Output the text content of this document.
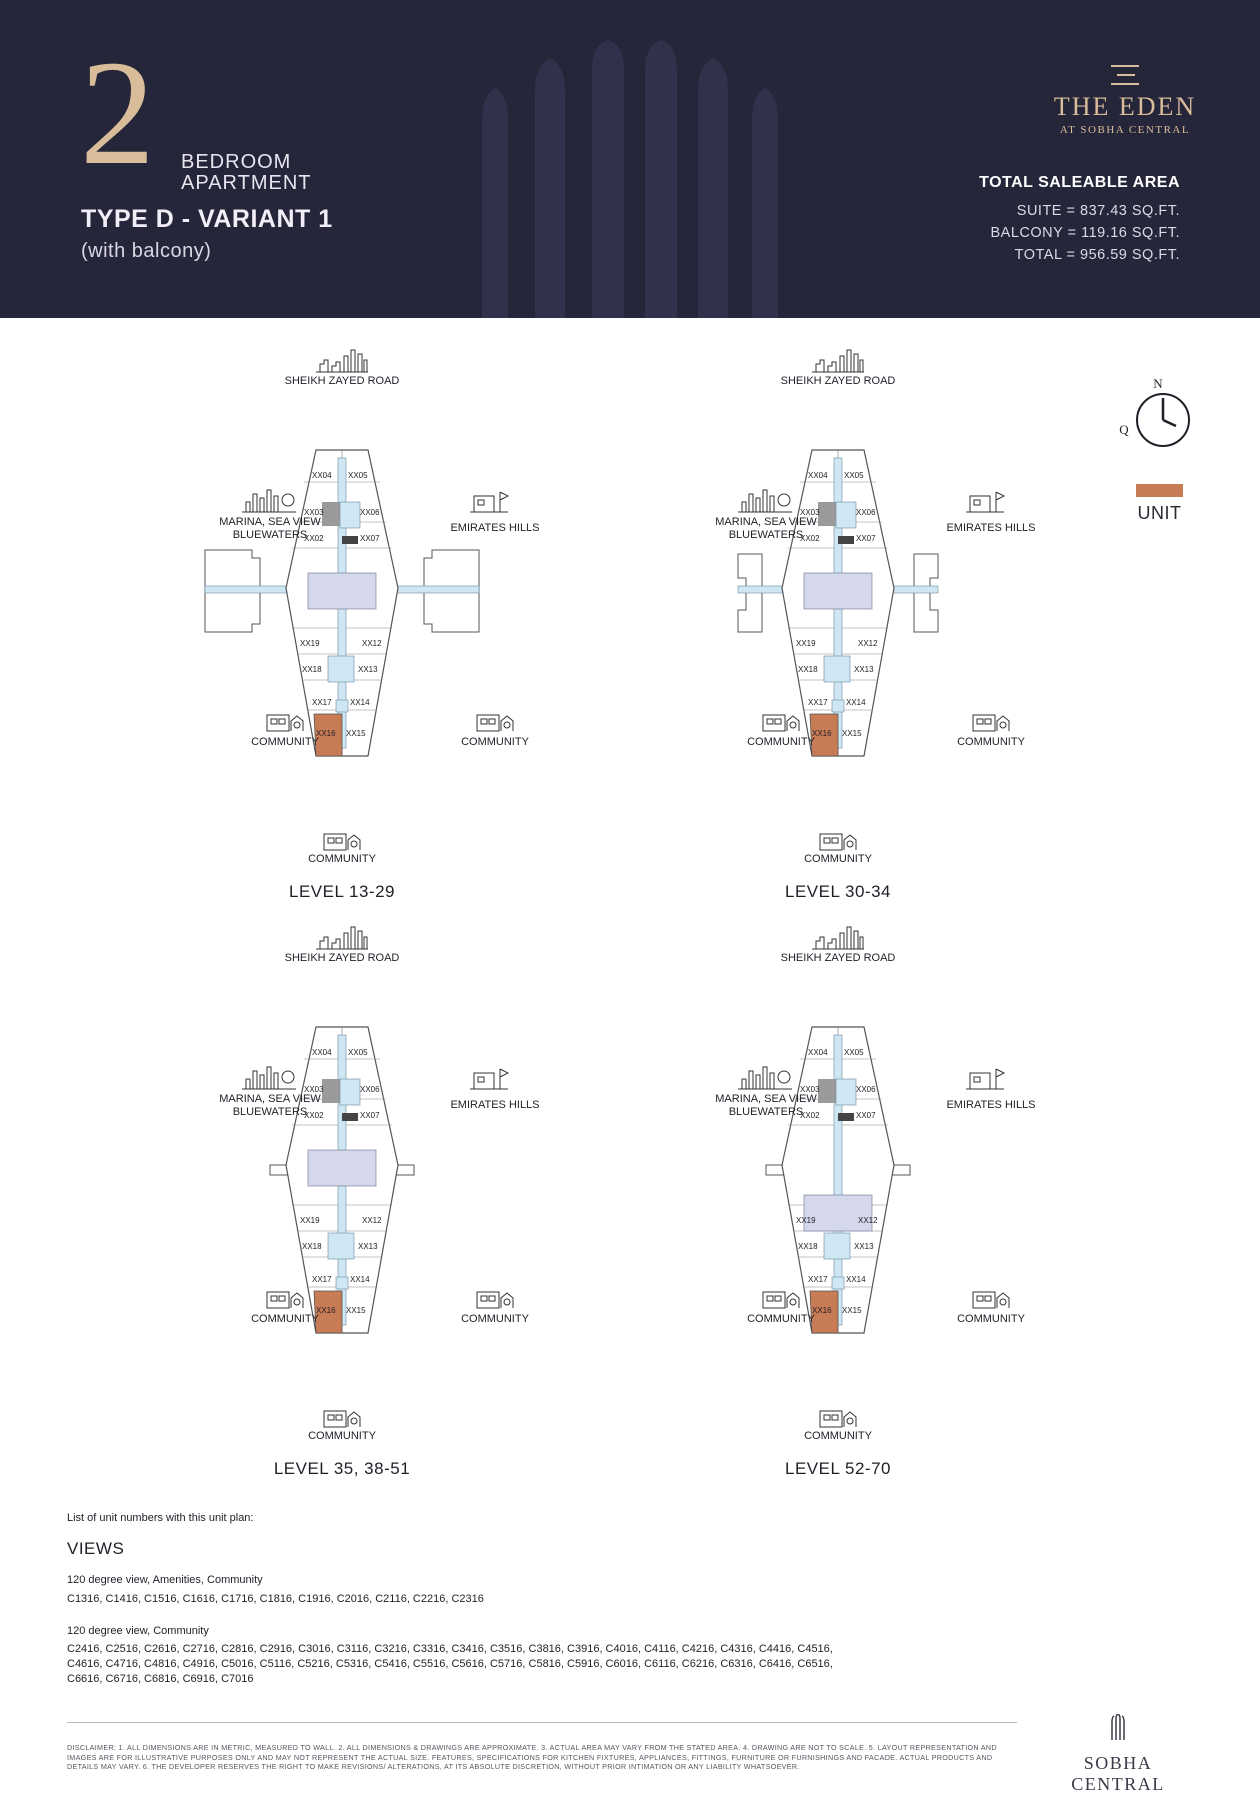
2 BEDROOM
APARTMENT
TYPE D - VARIANT 1
(with balcony)
THE EDEN
AT SOBHA CENTRAL
TOTAL SALEABLE AREA
SUITE = 837.43 SQ.FT.
BALCONY = 119.16 SQ.FT.
TOTAL = 956.59 SQ.FT.
N
Q
UNIT
XX04 XX05
XX03	XX06
XX02	XX07
XX19	XX12
XX18	XX13
XX17 XX14
XX16 XX15
SHEIKH ZAYED ROAD
MARINA, SEA VIEW
BLUEWATERS
EMIRATES HILLS
COMMUNITY	COMMUNITY
COMMUNITY
LEVEL 13-29
XX04 XX05
XX03	XX06
XX02	XX07
XX19	XX12
XX18	XX13
XX17 XX14
XX16 XX15
SHEIKH ZAYED ROAD
MARINA, SEA VIEW
BLUEWATERS
EMIRATES HILLS
COMMUNITY	COMMUNITY
COMMUNITY
LEVEL 30-34
XX04 XX05
XX03	XX06
XX02	XX07
XX19	XX12
XX18	XX13
XX17 XX14
XX16 XX15
SHEIKH ZAYED ROAD
MARINA, SEA VIEW
BLUEWATERS
EMIRATES HILLS
COMMUNITY	COMMUNITY
COMMUNITY
LEVEL 35, 38-51
XX04 XX05
XX03	XX06
XX02	XX07
XX19	XX12
XX18	XX13
XX17 XX14
XX16 XX15
SHEIKH ZAYED ROAD
MARINA, SEA VIEW
BLUEWATERS
EMIRATES HILLS
COMMUNITY	COMMUNITY
COMMUNITY
LEVEL 52-70
List of unit numbers with this unit plan:
VIEWS
120 degree view, Amenities, Community
C1316, C1416, C1516, C1616, C1716, C1816, C1916, C2016, C2116, C2216, C2316
120 degree view, Community
C2416, C2516, C2616, C2716, C2816, C2916, C3016, C3116, C3216, C3316, C3416, C3516, C3816, C3916, C4016, C4116, C4216, C4316, C4416, C4516, C4616, C4716, C4816, C4916, C5016, C5116, C5216, C5316, C5416, C5516, C5616, C5716, C5816, C5916, C6016, C6116, C6216, C6316, C6416, C6516, C6616, C6716, C6816, C6916, C7016
DISCLAIMER: 1. ALL DIMENSIONS ARE IN METRIC, MEASURED TO WALL. 2. ALL DIMENSIONS & DRAWINGS ARE APPROXIMATE. 3. ACTUAL AREA MAY VARY FROM THE STATED AREA. 4. DRAWING ARE NOT TO SCALE. 5. LAYOUT REPRESENTATION AND IMAGES ARE FOR ILLUSTRATIVE PURPOSES ONLY AND MAY NOT REPRESENT THE ACTUAL SIZE. FEATURES, SPECIFICATIONS FOR KITCHEN FIXTURES, APPLIANCES, FITTINGS, FURNITURE OR FURNISHINGS AND FACADE. ACTUAL PRODUCTS AND DETAILS MAY VARY. 6. THE DEVELOPER RESERVES THE RIGHT TO MAKE REVISIONS/ ALTERATIONS, AT ITS ABSOLUTE DISCRETION, WITHOUT PRIOR INTIMATION OR ANY LIABILITY WHATSOEVER.	SOBHA CENTRAL
